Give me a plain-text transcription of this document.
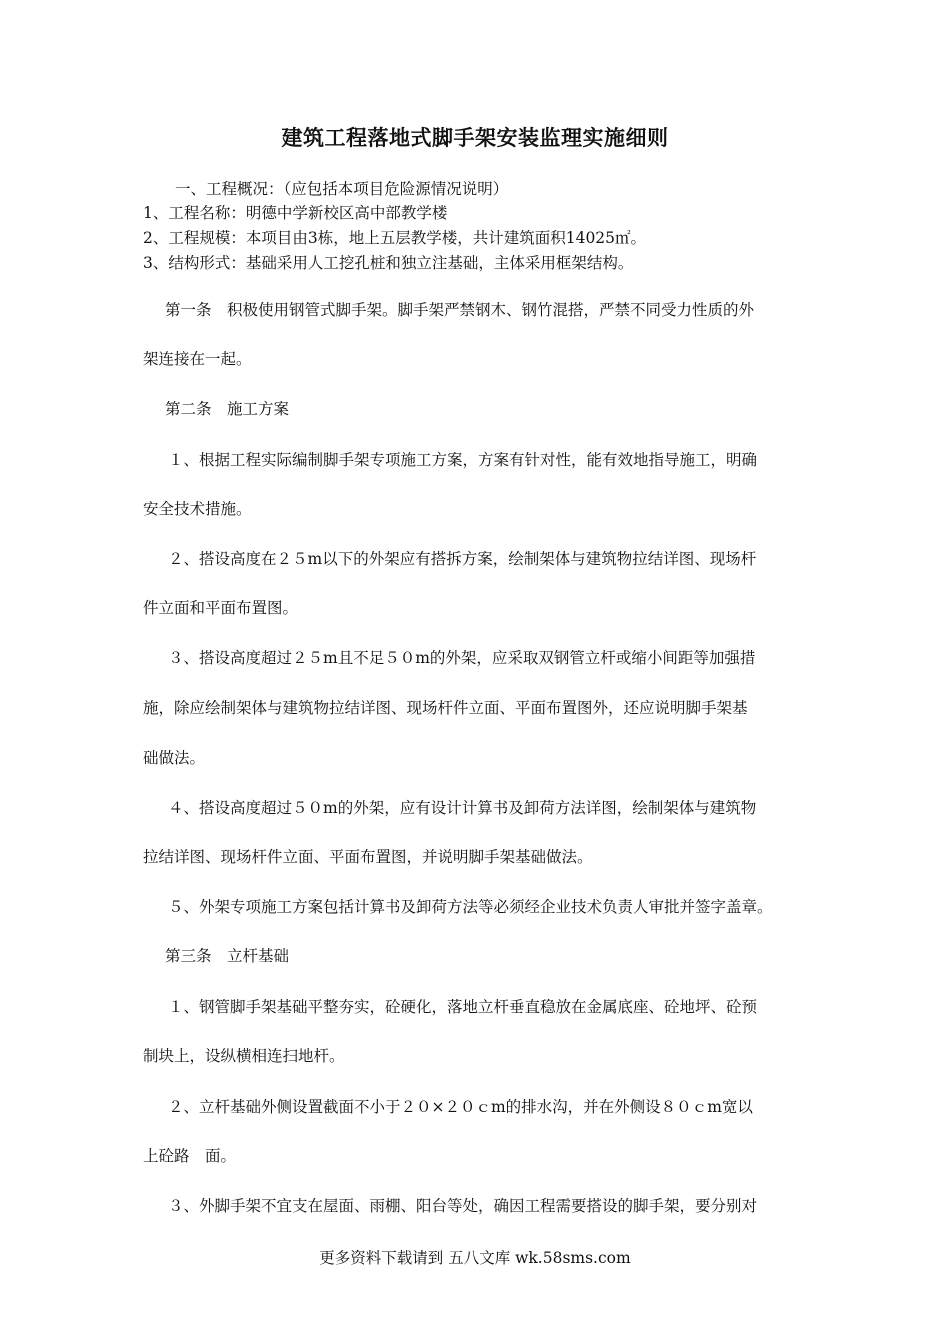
建筑工程落地式脚手架安装监理实施细则
一、工程概况：（应包括本项目危险源情况说明）
1、工程名称：明德中学新校区高中部教学楼
2、工程规模：本项目由3栋，地上五层教学楼，共计建筑面积14025㎡。
3、结构形式：基础采用人工挖孔桩和独立注基础，主体采用框架结构。
第一条　积极使用钢管式脚手架。脚手架严禁钢木、钢竹混搭，严禁不同受力性质的外
架连接在一起。
第二条　施工方案
１、根据工程实际编制脚手架专项施工方案，方案有针对性，能有效地指导施工，明确
安全技术措施。
２、搭设高度在２５m以下的外架应有搭拆方案，绘制架体与建筑物拉结详图、现场杆
件立面和平面布置图。
３、搭设高度超过２５m且不足５０m的外架，应采取双钢管立杆或缩小间距等加强措
施，除应绘制架体与建筑物拉结详图、现场杆件立面、平面布置图外，还应说明脚手架基
础做法。
４、搭设高度超过５０m的外架，应有设计计算书及卸荷方法详图，绘制架体与建筑物
拉结详图、现场杆件立面、平面布置图，并说明脚手架基础做法。
５、外架专项施工方案包括计算书及卸荷方法等必须经企业技术负责人审批并签字盖章。
第三条　立杆基础
１、钢管脚手架基础平整夯实，砼硬化，落地立杆垂直稳放在金属底座、砼地坪、砼预
制块上，设纵横相连扫地杆。
２、立杆基础外侧设置截面不小于２０×２０ｃm的排水沟，并在外侧设８０ｃm宽以
上砼路　面。
３、外脚手架不宜支在屋面、雨棚、阳台等处，确因工程需要搭设的脚手架，要分别对
更多资料下载请到 五八文库 wk.58sms.com
